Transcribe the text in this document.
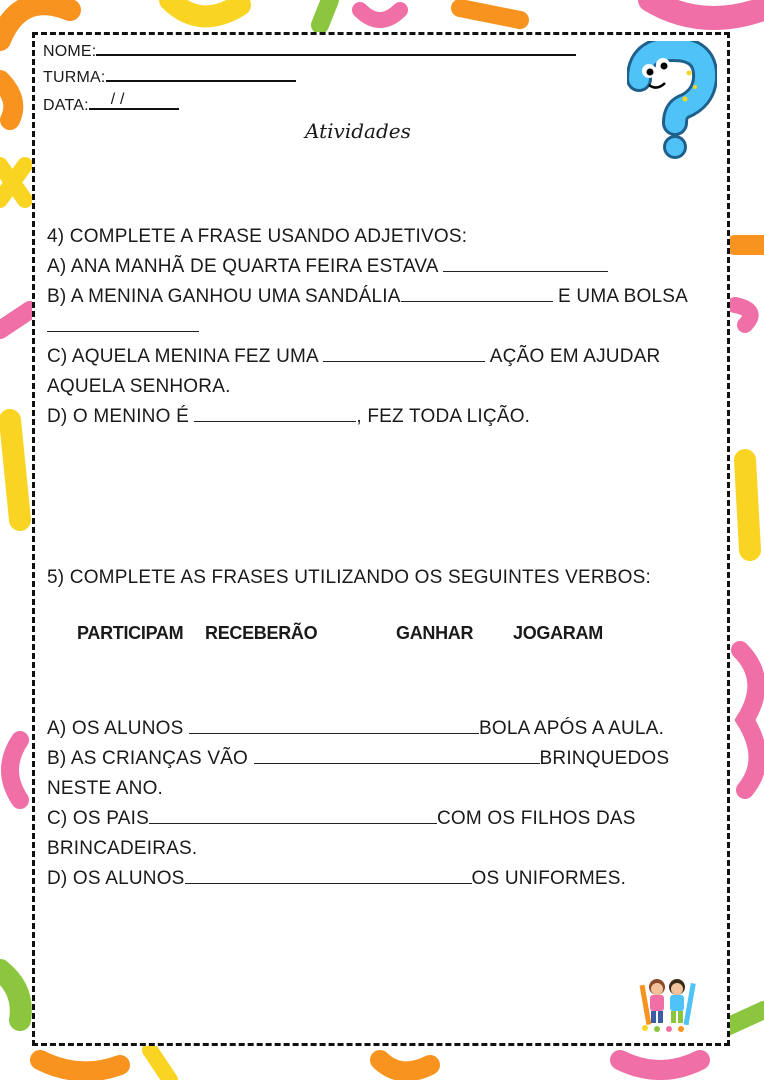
NOME:
TURMA:
DATA: / /
Atividades
4) COMPLETE A FRASE USANDO ADJETIVOS:
A) ANA MANHÃ DE QUARTA FEIRA ESTAVA
B) A MENINA GANHOU UMA SANDÁLIA	E UMA BOLSA
C) AQUELA MENINA FEZ UMA	AÇÃO EM AJUDAR
AQUELA SENHORA.
D) O MENINO É	, FEZ TODA LIÇÃO.
5) COMPLETE AS FRASES UTILIZANDO OS SEGUINTES VERBOS:
PARTICIPAM RECEBERÃO	GANHAR JOGARAM
A) OS ALUNOS	BOLA APÓS A AULA.
B) AS CRIANÇAS VÃO	BRINQUEDOS
NESTE ANO.
C) OS PAIS	COM OS FILHOS DAS
BRINCADEIRAS.
D) OS ALUNOS	OS UNIFORMES.
